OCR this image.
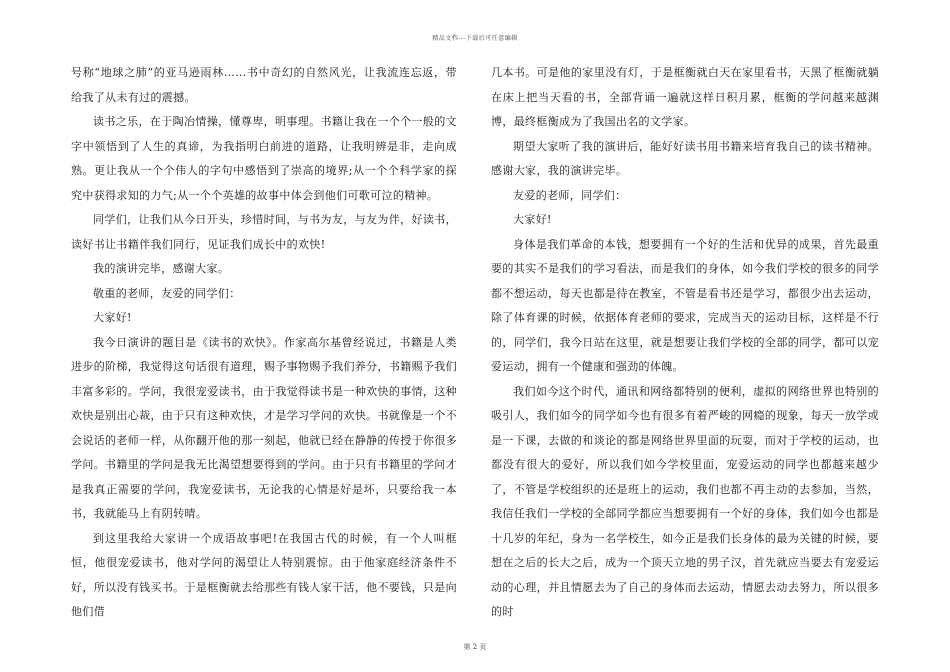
精品文档---下载后可任意编辑

号称“地球之肺”的亚马逊雨林……书中奇幻的自然风光，让我流连忘返，带给我了从未有过的震撼。

读书之乐，在于陶冶情操，懂尊卑，明事理。书籍让我在一个个一般的文字中领悟到了人生的真谛，为我指明白前进的道路，让我明辨是非，走向成熟。更让我从一个个伟人的字句中感悟到了崇高的境界;从一个个科学家的探究中获得求知的力气;从一个个英雄的故事中体会到他们可歌可泣的精神。

同学们，让我们从今日开头，珍惜时间，与书为友，与友为伴，好读书，读好书让书籍伴我们同行，见证我们成长中的欢快!

我的演讲完毕，感谢大家。

敬重的老师，友爱的同学们：

大家好!

我今日演讲的题目是《读书的欢快》。作家高尔基曾经说过，书籍是人类进步的阶梯，我觉得这句话很有道理，赐予事物赐予我们养分，书籍赐予我们丰富多彩的。学问，我很宠爱读书，由于我觉得读书是一种欢快的事情，这种欢快是别出心裁，由于只有这种欢快，才是学习学问的欢快。书就像是一个不会说话的老师一样，从你翻开他的那一刻起，他就已经在静静的传授于你很多学问。书籍里的学问是我无比渴望想要得到的学问。由于只有书籍里的学问才是我真正需要的学问，我宠爱读书，无论我的心情是好是坏，只要给我一本书，我就能马上有阴转晴。

到这里我给大家讲一个成语故事吧!在我国古代的时候，有一个人叫框恒，他很宠爱读书，他对学问的渴望让人特别震惊。由于他家庭经济条件不好，所以没有钱买书。于是框衡就去给那些有钱人家干活，他不要钱，只是向他们借

几本书。可是他的家里没有灯，于是框衡就白天在家里看书，天黑了框衡就躺在床上把当天看的书，全部背诵一遍就这样日积月累，框衡的学问越来越渊博，最终框衡成为了我国出名的文学家。

期望大家听了我的演讲后，能好好读书用书籍来培育我自己的读书精神。感谢大家，我的演讲完毕。

友爱的老师，同学们：

大家好!

身体是我们革命的本钱，想要拥有一个好的生活和优异的成果，首先最重要的其实不是我们的学习看法，而是我们的身体，如今我们学校的很多的同学都不想运动，每天也都是待在教室，不管是看书还是学习，都很少出去运动，除了体育课的时候，依据体育老师的要求，完成当天的运动目标，这样是不行的，同学们，我今日站在这里，就是想要让我们学校的全部的同学，都可以宠爱运动，拥有一个健康和强劲的体魄。

我们如今这个时代，通讯和网络都特别的便利，虚拟的网络世界也特别的吸引人，我们如今的同学如今也有很多有着严峻的网瘾的现象，每天一放学或是一下课，去做的和谈论的都是网络世界里面的玩耍，而对于学校的运动，也都没有很大的爱好，所以我们如今学校里面，宠爱运动的同学也都越来越少了，不管是学校组织的还是班上的运动，我们也都不再主动的去参加，当然，我信任我们一学校的全部同学都应当想要拥有一个好的身体，我们如今也都是十几岁的年纪，身为一名学校生，如今正是我们长身体的最为关键的时候，要想在之后的长大之后，成为一个顶天立地的男子汉，首先就应当要去有宠爱运动的心理，并且情愿去为了自己的身体而去运动，情愿去动去努力，所以很多的时

第 2 页
